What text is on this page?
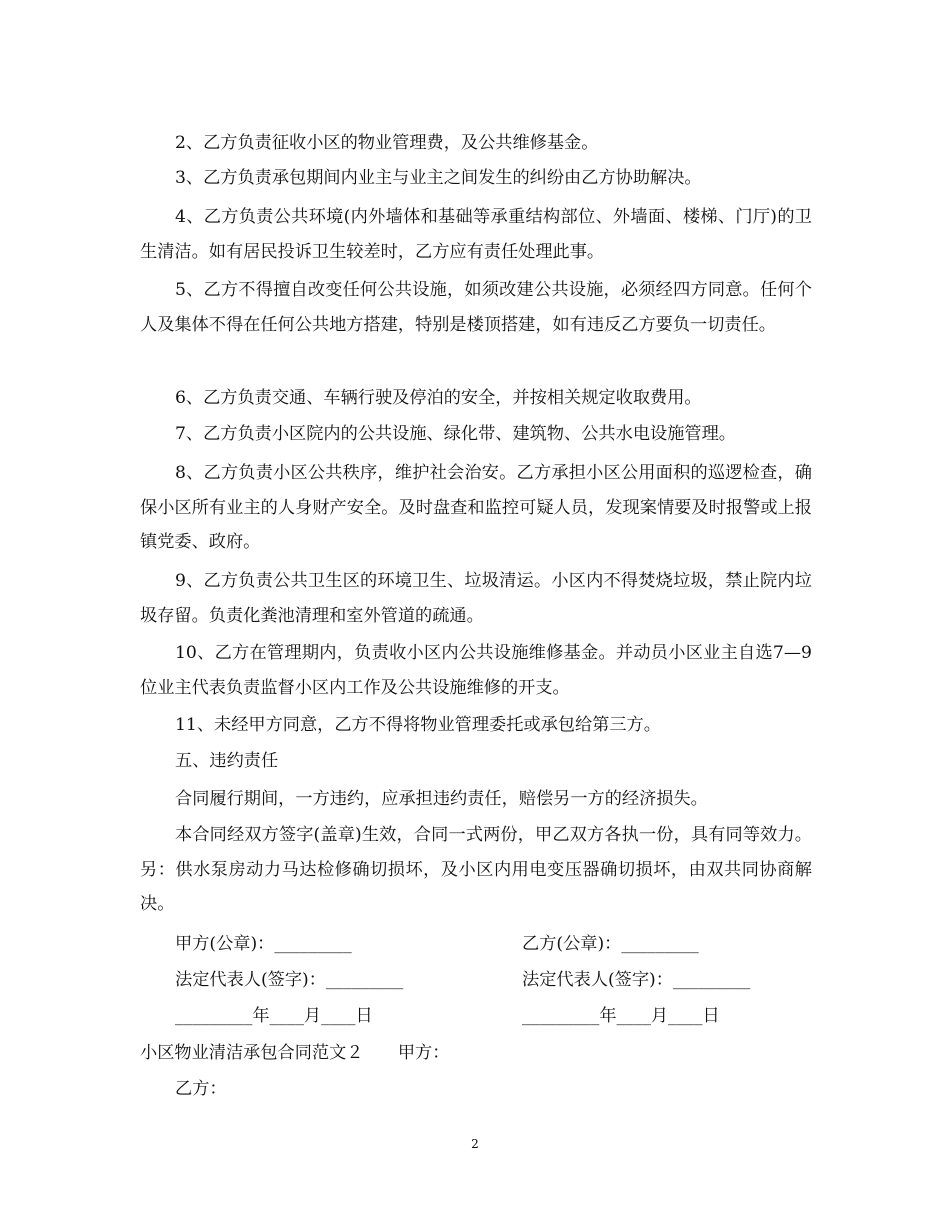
2、乙方负责征收小区的物业管理费，及公共维修基金。

3、乙方负责承包期间内业主与业主之间发生的纠纷由乙方协助解决。

4、乙方负责公共环境(内外墙体和基础等承重结构部位、外墙面、楼梯、门厅)的卫生清洁。如有居民投诉卫生较差时，乙方应有责任处理此事。

5、乙方不得擅自改变任何公共设施，如须改建公共设施，必须经四方同意。任何个人及集体不得在任何公共地方搭建，特别是楼顶搭建，如有违反乙方要负一切责任。

6、乙方负责交通、车辆行驶及停泊的安全，并按相关规定收取费用。

7、乙方负责小区院内的公共设施、绿化带、建筑物、公共水电设施管理。

8、乙方负责小区公共秩序，维护社会治安。乙方承担小区公用面积的巡逻检查，确保小区所有业主的人身财产安全。及时盘查和监控可疑人员，发现案情要及时报警或上报镇党委、政府。

9、乙方负责公共卫生区的环境卫生、垃圾清运。小区内不得焚烧垃圾，禁止院内垃圾存留。负责化粪池清理和室外管道的疏通。

10、乙方在管理期内，负责收小区内公共设施维修基金。并动员小区业主自选7—9位业主代表负责监督小区内工作及公共设施维修的开支。

11、未经甲方同意，乙方不得将物业管理委托或承包给第三方。

五、违约责任

合同履行期间，一方违约，应承担违约责任，赔偿另一方的经济损失。

本合同经双方签字(盖章)生效，合同一式两份，甲乙双方各执一份，具有同等效力。 另：供水泵房动力马达检修确切损坏，及小区内用电变压器确切损坏，由双共同协商解决。

甲方(公章)：_________	乙方(公章)：_________
法定代表人(签字)：_________	法定代表人(签字)：_________
_________年____月____日	_________年____月____日
小区物业清洁承包合同范文２　　甲方：
乙方：
2
